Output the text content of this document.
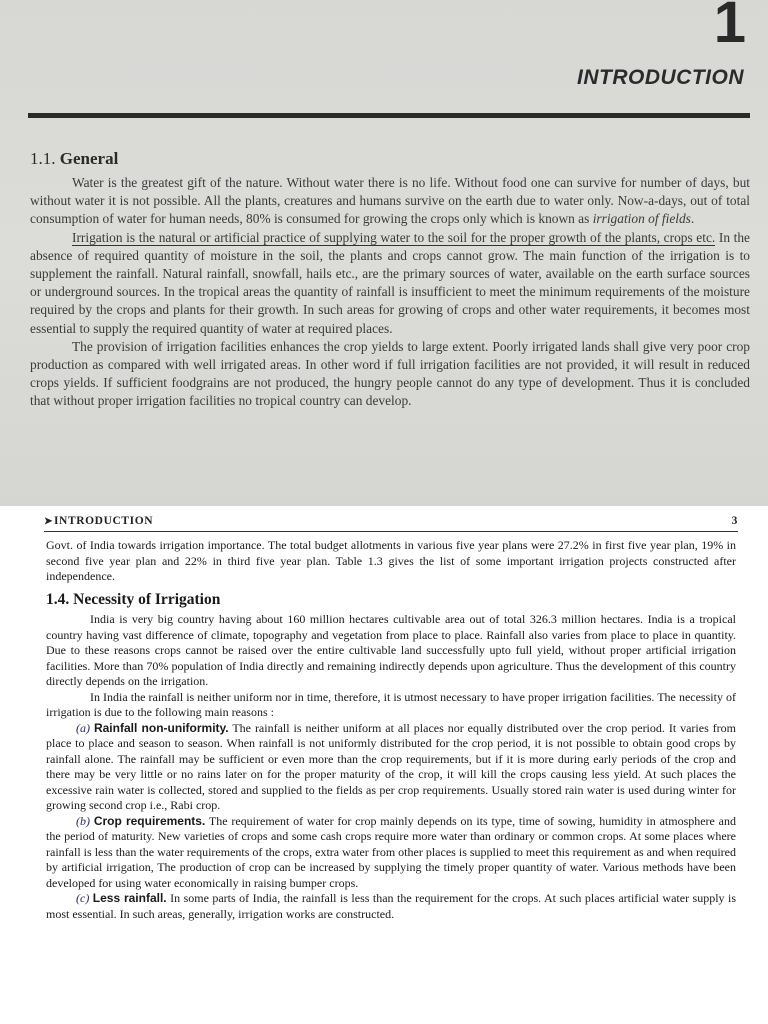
1
INTRODUCTION
1.1. General

Water is the greatest gift of the nature. Without water there is no life. Without food one can survive for number of days, but without water it is not possible. All the plants, creatures and humans survive on the earth due to water only. Now-a-days, out of total consumption of water for human needs, 80% is consumed for growing the crops only which is known as irrigation of fields.

Irrigation is the natural or artificial practice of supplying water to the soil for the proper growth of the plants, crops etc. In the absence of required quantity of moisture in the soil, the plants and crops cannot grow. The main function of the irrigation is to supplement the rainfall. Natural rainfall, snowfall, hails etc., are the primary sources of water, available on the earth surface sources or underground sources. In the tropical areas the quantity of rainfall is insufficient to meet the minimum requirements of the moisture required by the crops and plants for their growth. In such areas for growing of crops and other water requirements, it becomes most essential to supply the required quantity of water at required places.

The provision of irrigation facilities enhances the crop yields to large extent. Poorly irrigated lands shall give very poor crop production as compared with well irrigated areas. In other word if full irrigation facilities are not provided, it will result in reduced crops yields. If sufficient foodgrains are not produced, the hungry people cannot do any type of development. Thus it is concluded that without proper irrigation facilities no tropical country can develop.

➤INTRODUCTION	3

Govt. of India towards irrigation importance. The total budget allotments in various five year plans were 27.2% in first five year plan, 19% in second five year plan and 22% in third five year plan. Table 1.3 gives the list of some important irrigation projects constructed after independence.

1.4. Necessity of Irrigation

India is very big country having about 160 million hectares cultivable area out of total 326.3 million hectares. India is a tropical country having vast difference of climate, topography and vegetation from place to place. Rainfall also varies from place to place in quantity. Due to these reasons crops cannot be raised over the entire cultivable land successfully upto full yield, without proper artificial irrigation facilities. More than 70% population of India directly and remaining indirectly depends upon agriculture. Thus the development of this country directly depends on the irrigation.

In India the rainfall is neither uniform nor in time, therefore, it is utmost necessary to have proper irrigation facilities. The necessity of irrigation is due to the following main reasons :

(a) Rainfall non-uniformity. The rainfall is neither uniform at all places nor equally distributed over the crop period. It varies from place to place and season to season. When rainfall is not uniformly distributed for the crop period, it is not possible to obtain good crops by rainfall alone. The rainfall may be sufficient or even more than the crop requirements, but if it is more during early periods of the crop and there may be very little or no rains later on for the proper maturity of the crop, it will kill the crops causing less yield. At such places the excessive rain water is collected, stored and supplied to the fields as per crop requirements. Usually stored rain water is used during winter for growing second crop i.e., Rabi crop.

(b) Crop requirements. The requirement of water for crop mainly depends on its type, time of sowing, humidity in atmosphere and the period of maturity. New varieties of crops and some cash crops require more water than ordinary or common crops. At some places where rainfall is less than the water requirements of the crops, extra water from other places is supplied to meet this requirement as and when required by artificial irrigation, The production of crop can be increased by supplying the timely proper quantity of water. Various methods have been developed for using water economically in raising bumper crops.

(c) Less rainfall. In some parts of India, the rainfall is less than the requirement for the crops. At such places artificial water supply is most essential. In such areas, generally, irrigation works are constructed.
